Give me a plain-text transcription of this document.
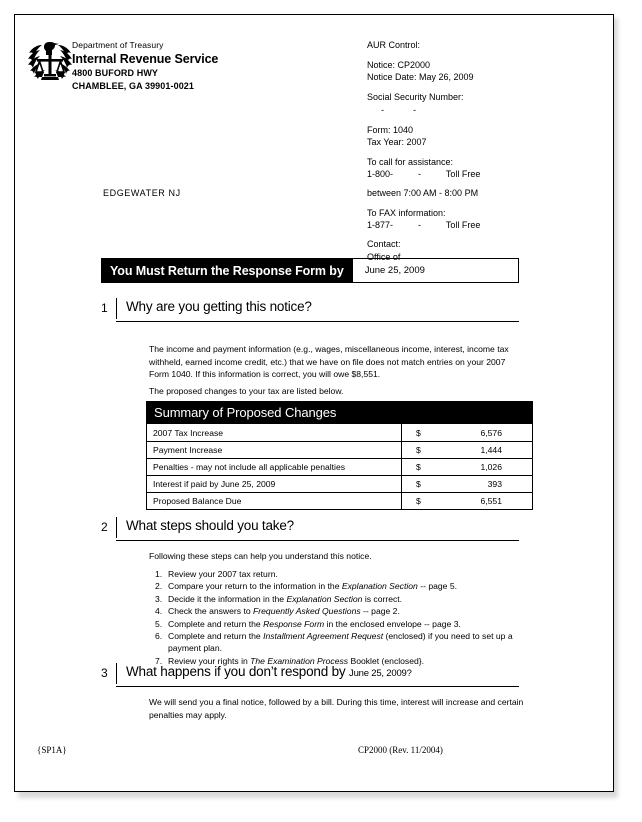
Department of Treasury
Internal Revenue Service
4800 BUFORD HWY
CHAMBLEE, GA 39901-0021
EDGEWATER NJ
AUR Control:
Notice: CP2000
Notice Date: May 26, 2009
Social Security Number:
-        -
Form: 1040
Tax Year: 2007
To call for assistance:
1-800-          -          Toll Free
between 7:00 AM - 8:00 PM
To FAX information:
1-877-          -          Toll Free
Contact:
Office of
You Must Return the Response Form by	June 25, 2009
1 Why are you getting this notice?
The income and payment information (e.g., wages, miscellaneous income, interest, income tax withheld, earned income credit, etc.) that we have on file does not match entries on your 2007 Form 1040. If this information is correct, you will owe $8,551.
The proposed changes to your tax are listed below.
Summary of Proposed Changes
2007 Tax Increase	$	6,576
Payment Increase	$	1,444
Penalties - may not include all applicable penalties	$	1,026
Interest if paid by June 25, 2009	$	393
Proposed Balance Due	$	6,551
2 What steps should you take?
Following these steps can help you understand this notice.
1. Review your 2007 tax return.
2. Compare your return to the information in the Explanation Section -- page 5.
3. Decide it the information in the Explanation Section is correct.
4. Check the answers to Frequently Asked Questions -- page 2.
5. Complete and return the Response Form in the enclosed envelope -- page 3.
6. Complete and return the Installment Agreement Request (enclosed) if you need to set up a payment plan.
7. Review your rights in The Examination Process Booklet (enclosed}.
3 What happens if you don’t respond by June 25, 2009?
We will send you a final notice, followed by a bill. During this time, interest will increase and certain penalties may apply.
{SP1A}	CP2000 (Rev. 11/2004)
